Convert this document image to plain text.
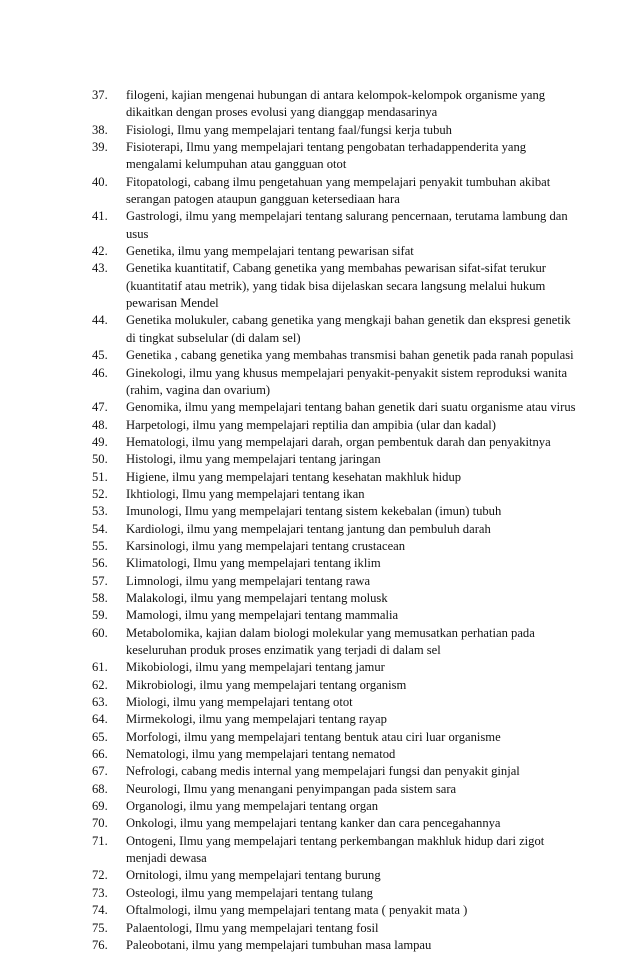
37.	filogeni, kajian mengenai hubungan di antara kelompok-kelompok organisme yang
dikaitkan dengan proses evolusi yang dianggap mendasarinya
38.	Fisiologi, Ilmu yang mempelajari tentang faal/fungsi kerja tubuh
39.	Fisioterapi, Ilmu yang mempelajari tentang pengobatan terhadappenderita yang
mengalami kelumpuhan atau gangguan otot
40.	Fitopatologi, cabang ilmu pengetahuan yang mempelajari penyakit tumbuhan akibat
serangan patogen ataupun gangguan ketersediaan hara
41.	Gastrologi, ilmu yang mempelajari tentang salurang pencernaan, terutama lambung dan
usus
42.	Genetika, ilmu yang mempelajari tentang pewarisan sifat
43.	Genetika kuantitatif, Cabang genetika yang membahas pewarisan sifat-sifat terukur
(kuantitatif atau metrik), yang tidak bisa dijelaskan secara langsung melalui hukum
pewarisan Mendel
44.	Genetika molukuler, cabang genetika yang mengkaji bahan genetik dan ekspresi genetik
di tingkat subselular (di dalam sel)
45.	Genetika , cabang genetika yang membahas transmisi bahan genetik pada ranah populasi
46.	Ginekologi, ilmu yang khusus mempelajari penyakit-penyakit sistem reproduksi wanita
(rahim, vagina dan ovarium)
47.	Genomika, ilmu yang mempelajari tentang bahan genetik dari suatu organisme atau virus
48.	Harpetologi, ilmu yang mempelajari reptilia dan ampibia (ular dan kadal)
49.	Hematologi, ilmu yang mempelajari darah, organ pembentuk darah dan penyakitnya
50.	Histologi, ilmu yang mempelajari tentang jaringan
51.	Higiene, ilmu yang mempelajari tentang kesehatan makhluk hidup
52.	Ikhtiologi, Ilmu yang mempelajari tentang ikan
53.	Imunologi, Ilmu yang mempelajari tentang sistem kekebalan (imun) tubuh
54.	Kardiologi, ilmu yang mempelajari tentang jantung dan pembuluh darah
55.	Karsinologi, ilmu yang mempelajari tentang crustacean
56.	Klimatologi, Ilmu yang mempelajari tentang iklim
57.	Limnologi, ilmu yang mempelajari tentang rawa
58.	Malakologi, ilmu yang mempelajari tentang molusk
59.	Mamologi, ilmu yang mempelajari tentang mammalia
60.	Metabolomika, kajian dalam biologi molekular yang memusatkan perhatian pada
keseluruhan produk proses enzimatik yang terjadi di dalam sel
61.	Mikobiologi, ilmu yang mempelajari tentang jamur
62.	Mikrobiologi, ilmu yang mempelajari tentang organism
63.	Miologi, ilmu yang mempelajari tentang otot
64.	Mirmekologi, ilmu yang mempelajari tentang rayap
65.	Morfologi, ilmu yang mempelajari tentang bentuk atau ciri luar organisme
66.	Nematologi, ilmu yang mempelajari tentang nematod
67.	Nefrologi, cabang medis internal yang mempelajari fungsi dan penyakit ginjal
68.	Neurologi, Ilmu yang menangani penyimpangan pada sistem sara
69.	Organologi, ilmu yang mempelajari tentang organ
70.	Onkologi, ilmu yang mempelajari tentang kanker dan cara pencegahannya
71.	Ontogeni, Ilmu yang mempelajari tentang perkembangan makhluk hidup dari zigot
menjadi dewasa
72.	Ornitologi, ilmu yang mempelajari tentang burung
73.	Osteologi, ilmu yang mempelajari tentang tulang
74.	Oftalmologi, ilmu yang mempelajari tentang mata ( penyakit mata )
75.	Palaentologi, Ilmu yang mempelajari tentang fosil
76.	Paleobotani, ilmu yang mempelajari tumbuhan masa lampau
